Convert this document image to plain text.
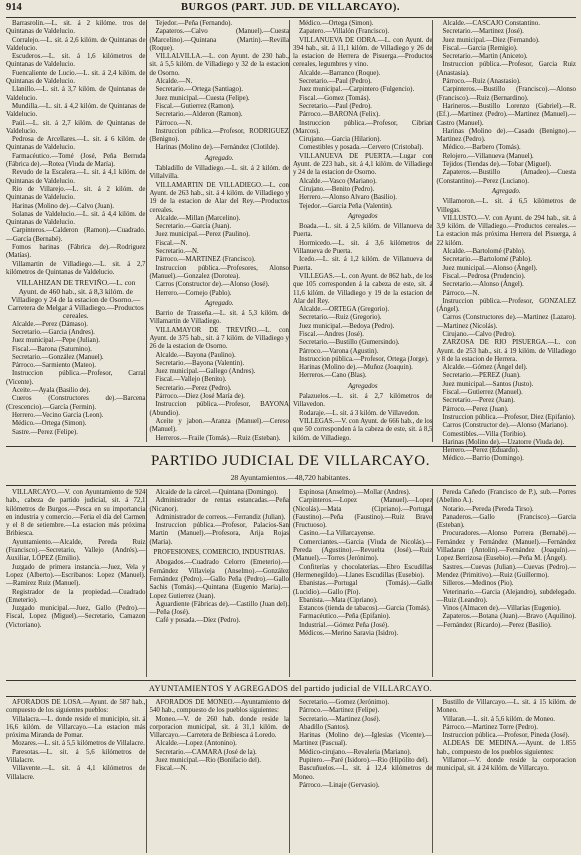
914	BURGOS (PART. JUD. DE VILLARCAYO).

Barrasrolin.—L. sit. á 2 kilóme. tros de Quintanas de Valdelucio.

Corralejo.—L. sit. á 2,6 kilóm. de Quintanas de Valdelucio.

Escuderos.—L. sit. á 1,6 kilómetros de Quintanas de Valdelucio.

Fuencaliente de Lucio.—L. sit. á 2,4 kilóm. de Quintanas de Valdelucio.

Llanillo.—L. sit. á 3,7 kilóm. de Quintanas de Valdelucio.

Mundilla.—L. sit. á 4,2 kilóm. de Quintanas de Valdelucio.

Paúl.—L. sit. á 2,7 kilóm. de Quintanas de Valdelucio.

Pedrosa de Arcellares.—L. sit. á 6 kilóm. de Quintanas de Valdelucio.

Farmacéutico.—Tomé (José, Peña Berruda (Fábrica de).—Rotea (Viuda de María).

Revudo de la Escalera.—L. sit. á 4,1 kilóm. de Quintanas de Valdelucio.

Rio de Villarejo.—L. sit. á 2 kilóm. de Quintanas de Valdelucio.

Harinas (Molino de).—Calvo (Juan).

Solanas de Valdelucio.—L. sit. á 4,4 kilóm. de Quintanas de Valdelucio.

Carpinteros.—Calderon (Ramon).—Cuadrado.—García (Bernabé).

Fomos harinas (Fábrica de).—Rodriguez (Matías).

Villamartin de Villadiego.—L. sit. á 2,7 kilómetros de Quintanas de Valdelucio.

VILLAHIZAN DE TREVIÑO.—L. con Ayunt. de 460 hab., sit. á 8,3 kilóm. de Villadiego y 24 de la estacion de Osorno.—Carretera de Melgar á Villadiego.—Productos cereales.

Alcalde.—Perez (Dámaso).

Secretario.—Garcia (Andres).

Juez municipal.—Pepe (Julian).

Fiscal.—Barona (Saturnino).

Secretario.—González (Manuel).

Párroco.—Sarmiento (Mateo).

Instruccion pública.—Profesor, Carral (Vicente).

Aceite.—Ayala (Basilio de).

Cueros (Constructores de).—Barcena (Crescencio).—García (Fermin).

Herrero.—Vecino García (Leon).

Médico.—Ortega (Simon).

Sastre.—Perez (Felipe).

Tejedor.—Peña (Fernando).

Zapateros.—Calvo (Manuel).—Cuesta (Marcelino).—Quintana (Martin).—Revilla (Roque).

VILLALVILLA.—L. con Ayunt. de 230 hab., sit. á 5,5 kilóm. de Villadiego y 32 de la estacion de Osorno.

Alcalde.—N.

Secretario.—Ortega (Santiago).

Juez municipal.—Cuesta (Felipe).

Fiscal.—Gutierrez (Ramon).

Secretario.—Alderon (Ramon).

Párroco.—N.

Instruccion pública.—Profesor, RODRIGUEZ (Benigno).

Harinas (Molino de).—Fernández (Clotilde).

Agregado.

Tabladillo de Villadiego.—L. sit. á 2 kilóm. de Villalvilla.

VILLAMARTIN DE VILLADIEGO.—L. con Ayunt. de 263 hab., sit. á 4 kilóm. de Villadiego y 19 de la estacion de Alar del Rey.—Productos cereales.

Alcalde.—Millan (Marcelino).

Secretario.—García (Juan).

Juez municipal.—Perez (Paulino).

Fiscal.—N.

Secretario.—N.

Párroco.—MARTINEZ (Francisco).

Instruccion pública.—Profesores, Alonso (Manuel).—Gonzalez (Dorotea).

Carros (Constructor de).—Alonso (José).

Herrero.—Cornejo (Pablo).

Agregado.

Barrio de Trasseña.—L. sit. á 5,3 kilóm. de Villamartin de Villadiego.

VILLAMAYOR DE TREVIÑO.—L. con Ayunt. de 375 hab., sit. á 7 kilóm. de Villadiego y 26 de la estacion de Osorno.

Alcalde.—Bayona (Paulino).

Secretario.—Bayona (Valentin).

Juez municipal.—Gallego (Andres).

Fiscal.—Vallejo (Benito).

Secretario.—Perez (Pedro).

Párroco.—Diez (José María de).

Instruccion pública.—Profesor, BAYONA (Abundio).

Aceite y jabon.—Aranza (Manuel).—Cereso (Manuel).

Herreros.—Fraile (Tomás).—Ruiz (Esteban).

Médico.—Ortega (Simon).

Zapatero.—Villalón (Francisco).

VILLANUEVA DE ODRA.—L. con Ayunt. de 394 hab., sit. á 11,1 kilóm. de Villadiego y 26 de la estacion de Herrera de Pisuerga.—Productos cereales, legumbres y vino.

Alcalde.—Barranco (Roque).

Secretario.—Paul (Pedro).

Juez municipal.—Carpintero (Fulgencio).

Fiscal.—Gomez (Tomás).

Secretario.—Paul (Pedro).

Párroco.—BARONA (Felix).

Instruccion pública.—Profesor, Cibrian (Marcos).

Cirujano.—Garcia (Hilarion).

Comestibles y posada.—Cervero (Cristobal).

VILLANUEVA DE PUERTA.—Lugar con Ayunt. de 223 hab., sit. á 4,1 kilóm. de Villadiego y 24 de la estacion de Osorno.

Alcalde.—Vasco (Mariano).

Cirujano.—Benito (Pedro).

Herrero.—Alonso Alvaro (Basilio).

Tejedor.—Garcia Peña (Valentin).

Agregados

Boada.—L. sit. á 2,5 kilóm. de Villanueva de Puerta.

Hormicedo.—L. sit. á 3,6 kilómetros de Villanueva de Puerta.

Icedo.—L. sit. á 1,2 kilóm. de Villanueva de Puerta.

VILLEGAS.—L. con Ayunt. de 862 hab., de los que 105 corresponden á la cabeza de este, sit. á 11,6 kilóm. de Villadiego y 19 de la estacion de Alar del Rey.

Alcalde.—ORTEGA (Gregorio).

Secretario.—Ruiz (Gregorio).

Juez municipal.—Bedoya (Pedro).

Fiscal.—Andres (José).

Secretario.—Bustillo (Gumersindo).

Párroco.—Varona (Agustin).

Instruccion pública.—Profesor, Ortega (Jorge).

Harinas (Molino de).—Muñoz (Joaquin).

Herreros.—Cano (Blas).

Agregados

Palazuelos.—L. sit. á 2,7 kilómetros de Villavedon.

Rodaraje.—L. sit. á 3 kilóm. de Villavedon.

VILLEGAS.—V. con Ayunt. de 666 hab., de los que 50 corresponden á la cabeza de este, sit. á 8,5 kilóm. de Villadiego.

Alcalde.—CASCAJO Constantino.

Secretario.—Martinez (José).

Juez municipal.—Diez (Fernando).

Fiscal.—Garcia (Remigio).

Secretario.—Martin (Aniceto).

Instruccion pública.—Profesor, Garcia Ruiz (Anastasia).

Párroco.—Ruiz (Anastasio).

Carpinteros.—Bustillo (Francisco).—Alonso (Francisco).—Ruiz (Bernardino).

Harineros.—Bustillo Lorenzo (Gabriel).—R. (Ef.).—Martinez (Pedro).—Martinez (Manuel).—Castro (Manuel).

Harinas (Molino de).—Casado (Benigno).—Martinez (Pedro).

Médico.—Barbero (Tomás).

Relojero.—Villanueva (Manuel).

Tejidos (Tiendas de).—Tobar (Miguel).

Zapateros.—Bustillo (Amadeo).—Cuesta (Constantino).—Perez (Luciano).

Agregado.

Villamoron.—L. sit. á 6,5 kilómetros de Villegas.

VILLUSTO.—V. con Ayunt. de 294 hab., sit. á 3,9 kilóm. de Villadiego.—Productos cereales.—La estacion más próxima Herrera del Pisuerga, á 22 kilóm.

Alcalde.—Bartolomé (Pablo).

Secretario.—Bartolomé (Pablo).

Juez municipal.—Alonso (Ángel).

Fiscal.—Pedrosa (Prudencio).

Secretario.—Alonso (Ángel).

Párroco.—N.

Instruccion pública.—Profesor, GONZALEZ (Ángel).

Carros (Constructores de).—Martinez (Lazaro).—Martinez (Nicolás).

Cirujano.—Calvo (Pedro).

ZARZOSA DE RIO PISUERGA.—L. con Ayunt. de 253 hab., sit. á 19 kilóm. de Villadiego y 8 de la estacion de Herrera.

Alcalde.—Gómez (Ángel del).

Secretario.—PEREZ (Juan).

Juez municipal.—Santos (Justo).

Fiscal.—Gutierrez (Manuel).

Secretario.—Perez (Juan).

Párroco.—Perez (Juan).

Instruccion pública.—Profesor, Diez (Epifanio).

Carros (Constructor de).—Alonso (Mariano).

Comestibles.—Villa (Toribio).

Harinas (Molino de).—Uzatorre (Viuda de).

Herrero.—Perez (Eduardo).

Médico.—Barrio (Domingo).

PARTIDO JUDICIAL DE VILLARCAYO.
28 Ayuntamientos.—48,720 habitantes.

VILLARCAYO.—V. con Ayuntamiento de 924 hab., cabeza de partido judicial, sit. á 72,1 kilómetros de Burgos.—Pesca en su importancia en industria y comercio.—Feria el día del Carmen y el 8 de setiembre.—La estacion más próxima Bribiesca.

Ayuntamiento.—Alcalde, Pereda Ruiz (Francisco).—Secretario, Vallejo (Andrés).—Auxiliar, LÓPEZ (Emilio).

Juzgado de primera instancia.—Juez, Vela y Lopez (Alberto).—Escribanos: Lopez (Manuel).—Ramirez Ruiz (Manuel).

Registrador de la propiedad.—Cuadrado (Emeterio).

Juzgado municipal.—Juez, Gallo (Pedro).—Fiscal, Lopez (Miguel).—Secretario, Camazon (Victoriano).

Alcaide de la cárcel.—Quintana (Domingo).

Administrador de rentas estancadas.—Peña (Nicanor).

Administrador de correos.—Ferrandiz (Julian).

Instruccion pública.—Profesor, Palacios-San Martin (Manuel).—Profesora, Arija Rojas (María).

PROFESIONES, COMERCIO, INDUSTRIAS.

Abogados.—Cuadrado Celorro (Emeterio).—Fernández Villavieja (Anselmo).—González Fernández (Pedro).—Gallo Peña (Pedro).—Gallo Sachis (Tomás).—Quintana (Eugenio Maria).—Lopez Gutierrez (Juan).

Aguardiente (Fábricas de).—Castillo (Juan del).—Peña (José).

Café y posada.—Díez (Pedro).

Espinosa (Anselmo).—Mollar (Andres).

Carpinteros.—Lopez (Manuel).—Lopez (Nicolás).—Mata (Cipriano).—Portugal (Faustino).—Peña (Faustino).—Ruiz Bravo (Fructuoso).

Casino.—La Villarcayense.

Comerciantes.—Garcia (Viuda de Nicolás).—Pereda (Agustino).—Revuelta (José).—Ruiz (Manuel).—Torres (Jerónimo).

Confiterías y chocolaterías.—Ebro Escudillas (Hermenegildo).—Llanes Escudillas (Eusebio).

Ebanistas.—Portugal (Tomás).—Gallo (Lucidio).—Gallo (Pío).

Ebanista.—Mata (Cipriano).

Estancos (tienda de tabacos).—Garcia (Tomás).

Farmacéutico.—Peña (Epifanio).

Industrial.—Gómez Peña (José).

Médicos.—Merino Saravia (Isidro).

Pereda Cañedo (Francisco de P.), sub.—Porres (Abelino A.).

Notario.—Pereda (Pereda Tirso).

Panaderos.—Gallo (Francisco).—Garcia (Esteban).

Procuradores.—Alonso Porrera (Bernabé).—Fernández y Fernández (Manuel).—Fernández Villadaran (Antolin).—Fernández (Joaquín).—Lopez Berrizosa (Eusebio).—Peña M. (Ángel).

Sastres.—Cuevas (Julian).—Cuevas (Pedro).—Mendez (Primitivo).—Ruiz (Guillermo).

Silleros.—Medinos (Pio).

Veterinario.—Garcia (Alejandro), subdelegado.—Ruiz (Leandro).

Vinos (Almacen de).—Villarías (Eugenio).

Zapateros.—Botana (Juan).—Bravo (Aquilino).—Fernández (Ricardo).—Perez (Basilio).

AYUNTAMIENTOS Y AGREGADOS del partido judicial de VILLARCAYO.

AFORADOS DE LOSA.—Ayunt. de 587 hab., compuesto de los siguientes pueblos:

Villalacra.—L. donde reside el municipio, sit. á 16,6 kilóm. de Villarcayo.—La estacion más próxima Miranda de Pomar.

Mozares.—L. sit. á 5,5 kilómetros de Villalacre.

Paresotas.—L. sit. á 5,6 kilómetros de Villalacre.

Villavente.—L. sit. á 4,1 kilómetros de Villalacre.

AFORADOS DE MONEO.—Ayuntamiento de 540 hab., compuesto de los pueblos siguientes:

Moneo.—V. de 260 hab. donde reside la corporacion municipal, sit. á 31,1 kilóm. de Villarcayo.—Carretera de Bribiesca á Loredo.

Alcalde.—Lopez (Antonino).

Secretario.—CAMARA (José de la).

Juez municipal.—Rio (Bonifacio del).

Fiscal.—N.

Secretario.—Gomez (Jerónimo).

Párroco.—Martinez (Felipe).

Secretario.—Martinez (José).

Abadillo (Santos).

Harinas (Molino de).—Iglesias (Vicente).—Martinez (Pascual).

Médico-cirujano.—Revaleria (Mariano).

Pupitero.—Paré (Isidoro).—Rio (Hipólito del).

Bascuñuelos.—L. sit. á 12,4 kilómetros de Moneo.

Párroco.—Linaje (Gervasio).

Bustillo de Villarcayo.—L. sit. á 15 kilóm. de Moneo.

Villaran.—L. sit. á 5,6 kilóm. de Moneo.

Párroco.—Martinez Torre (Pedro).

Instruccion pública.—Profesor, Pineda (José).

ALDEAS DE MEDINA.—Ayunt. de 1.855 hab., compuesto de los pueblos siguientes:

Villamor.—V. donde reside la corporacion municipal, sit. á 24 kilóm. de Villarcayo.
